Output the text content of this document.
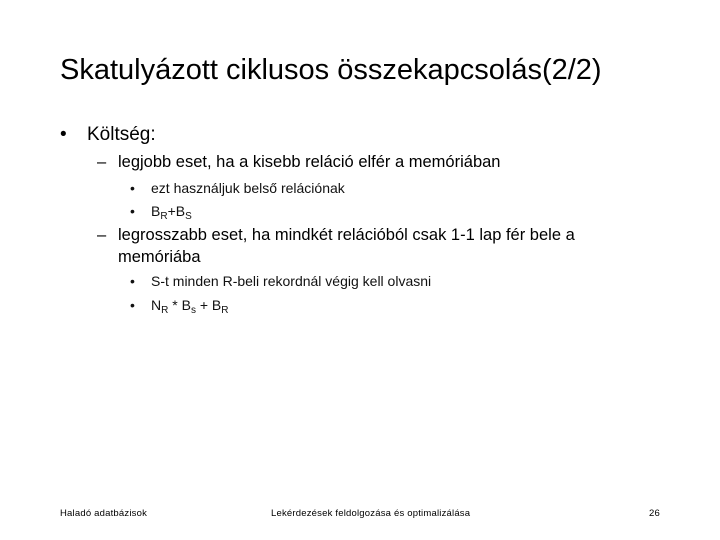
Skatulyázott ciklusos összekapcsolás(2/2)
• Költség:
– legjobb eset, ha a kisebb reláció elfér a memóriában
• ezt használjuk belső relációnak
• $B_R+B_S$
– legrosszabb eset, ha mindkét relációból csak 1-1 lap fér bele a memóriába
• S-t minden R-beli rekordnál végig kell olvasni
• $N_R * B_s + B_R$
Haladó adatbázisok	Lekérdezések feldolgozása és optimalizálása	26
